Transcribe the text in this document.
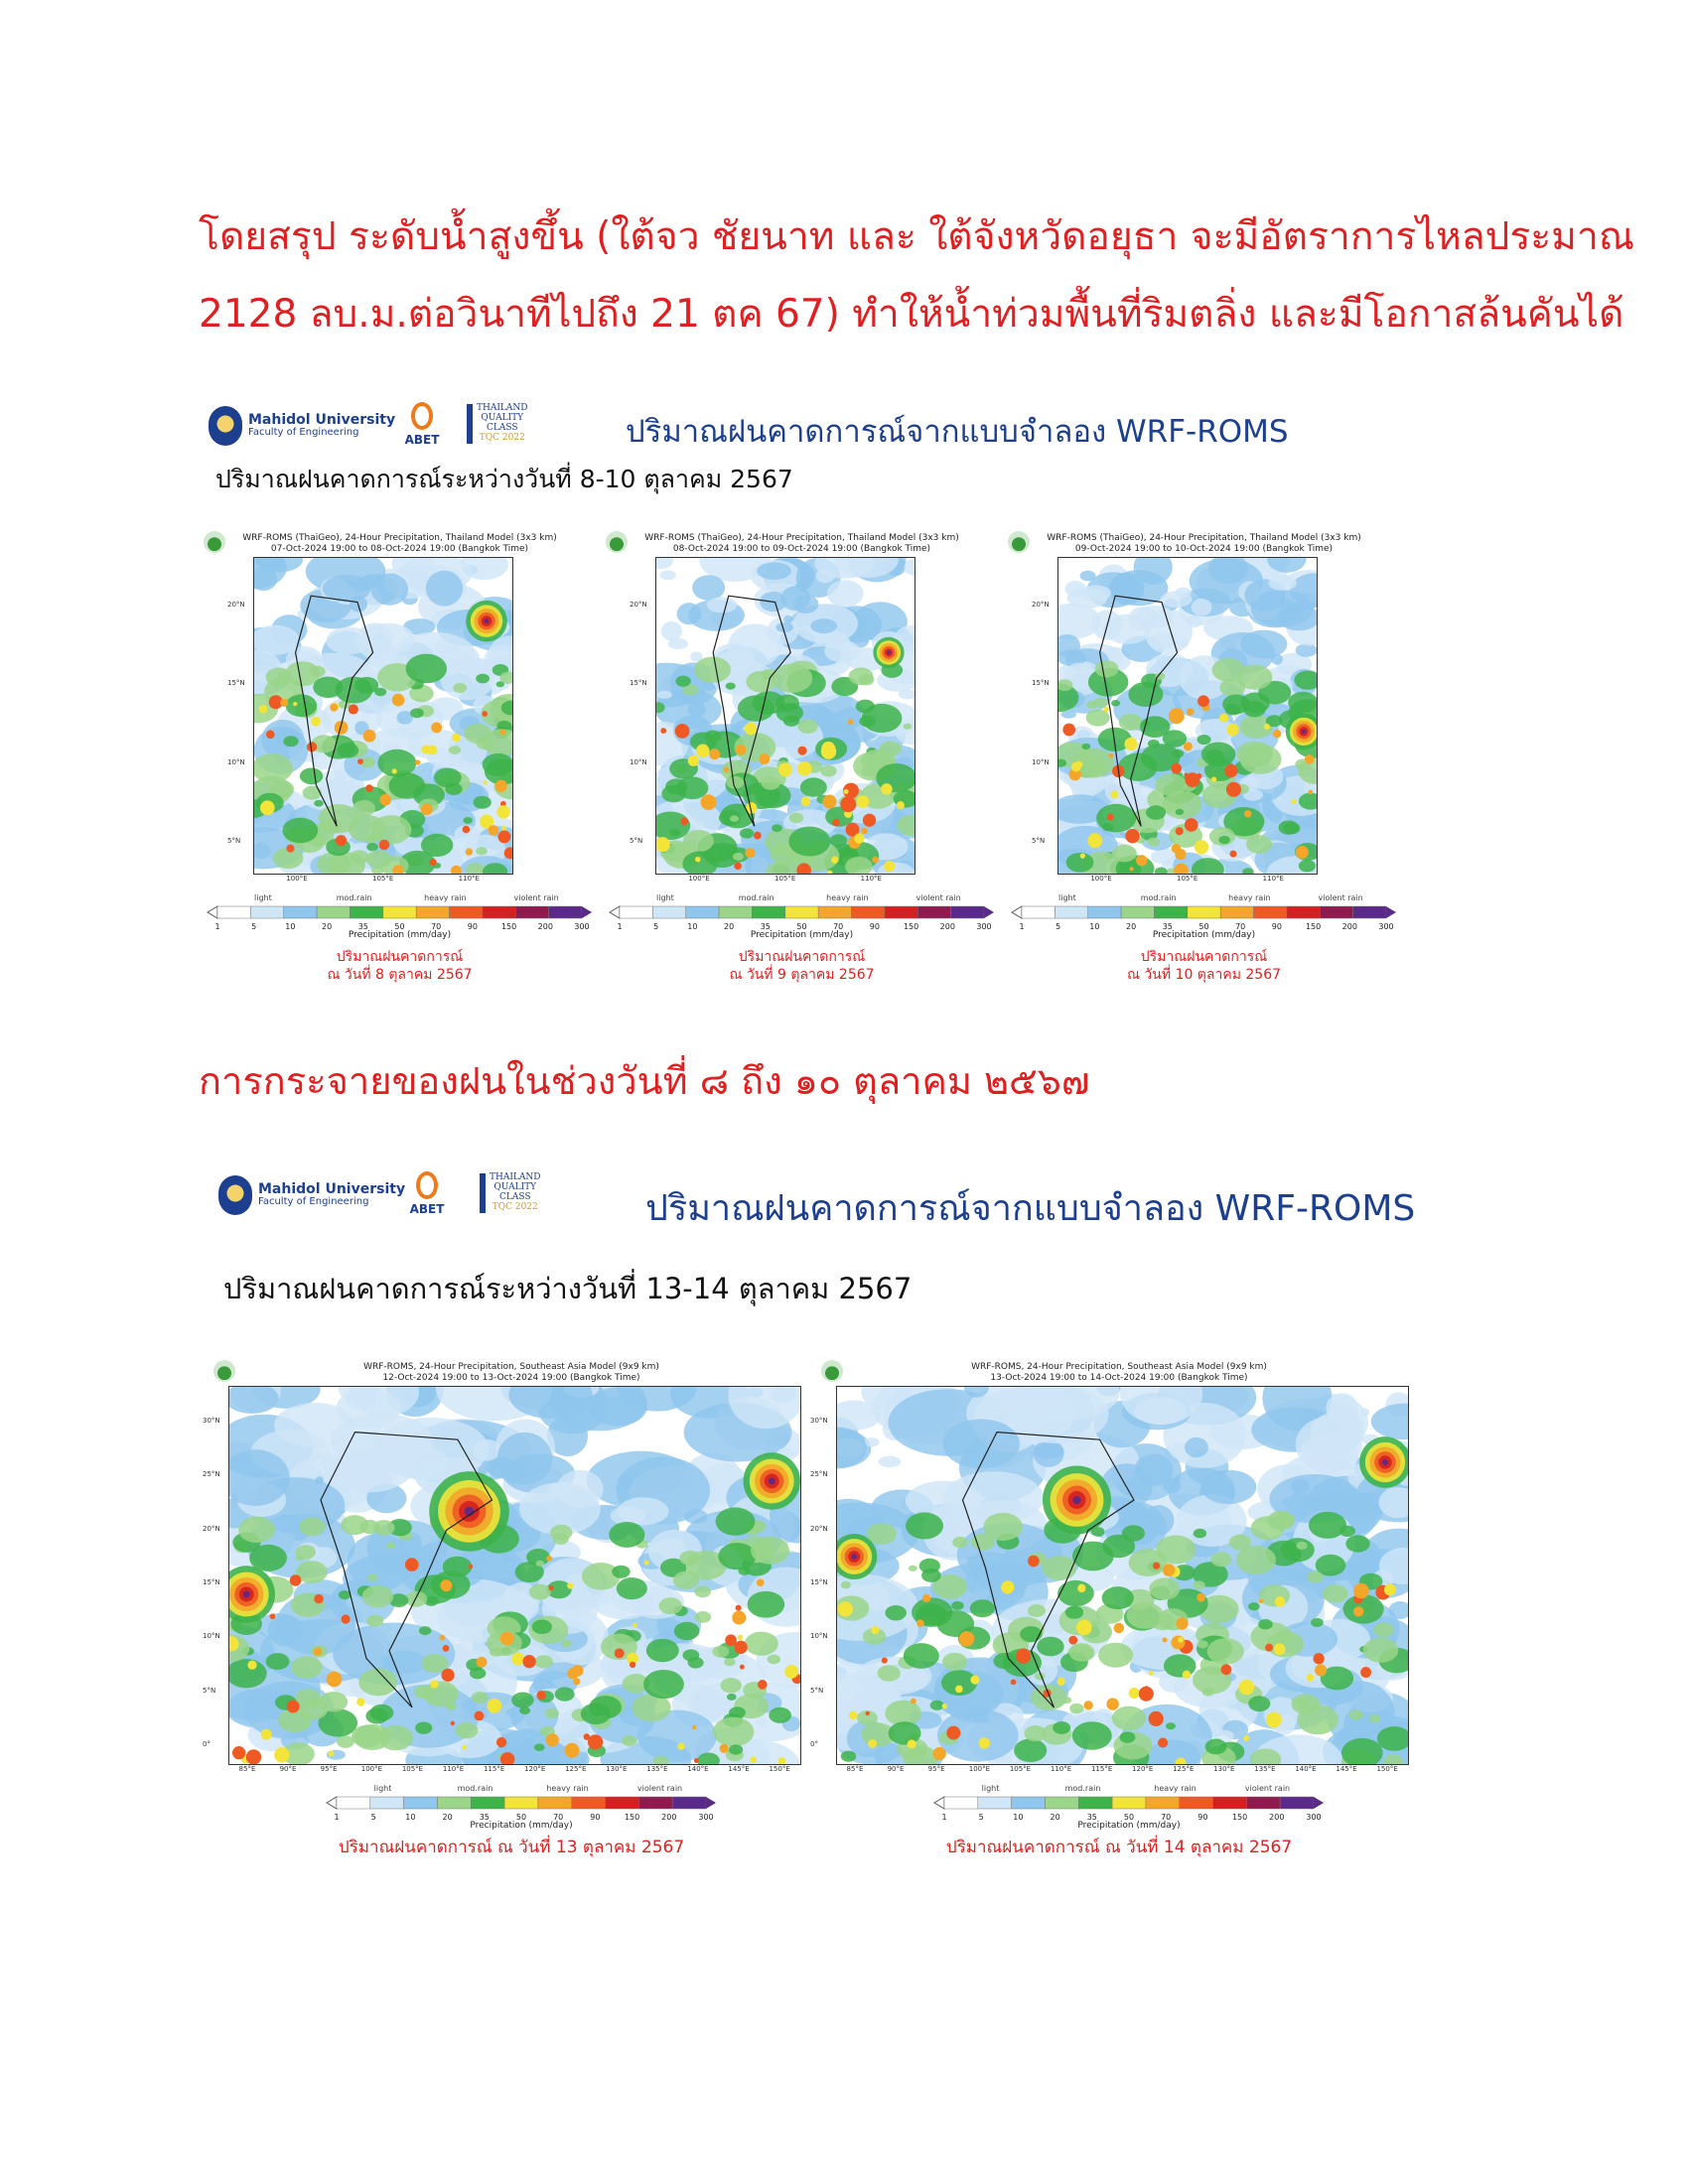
โดยสรุป ระดับน้ำสูงขึ้น (ใต้จว ชัยนาท และ ใต้จังหวัดอยุธา จะมีอัตราการไหลประมาณ

2128 ลบ.ม.ต่อวินาทีไปถึง 21 ตค 67) ทำให้น้ำท่วมพื้นที่ริมตลิ่ง และมีโอกาสล้นคันได้

Mahidol University
Faculty of Engineering
ABET
THAILAND
QUALITY
CLASS
TQC 2022	ปริมาณฝนคาดการณ์จากแบบจำลอง WRF-ROMS
ปริมาณฝนคาดการณ์ระหว่างวันที่ 8-10 ตุลาคม 2567
WRF-ROMS (ThaiGeo), 24-Hour Precipitation, Thailand Model (3x3 km)
07-Oct-2024 19:00 to 08-Oct-2024 19:00 (Bangkok Time)
20°N
15°N
10°N
5°N
100°E	105°E	110°E
light	mod.rain	heavy rain	violent rain
1	5	10	20	35	50	70	90	150	200	300
Precipitation (mm/day)
ปริมาณฝนคาดการณ์
ณ วันที่ 8 ตุลาคม 2567
WRF-ROMS (ThaiGeo), 24-Hour Precipitation, Thailand Model (3x3 km)
08-Oct-2024 19:00 to 09-Oct-2024 19:00 (Bangkok Time)
20°N
15°N
10°N
5°N
100°E	105°E	110°E
light	mod.rain	heavy rain	violent rain
1	5	10	20	35	50	70	90	150	200	300
Precipitation (mm/day)
ปริมาณฝนคาดการณ์
ณ วันที่ 9 ตุลาคม 2567
WRF-ROMS (ThaiGeo), 24-Hour Precipitation, Thailand Model (3x3 km)
09-Oct-2024 19:00 to 10-Oct-2024 19:00 (Bangkok Time)
20°N
15°N
10°N
5°N
100°E	105°E	110°E
light	mod.rain	heavy rain	violent rain
1	5	10	20	35	50	70	90	150	200	300
Precipitation (mm/day)
ปริมาณฝนคาดการณ์
ณ วันที่ 10 ตุลาคม 2567
การกระจายของฝนในช่วงวันที่ ๘ ถึง ๑๐ ตุลาคม ๒๕๖๗
Mahidol University
Faculty of Engineering
ABET
THAILAND
QUALITY
CLASS
TQC 2022	ปริมาณฝนคาดการณ์จากแบบจำลอง WRF-ROMS
ปริมาณฝนคาดการณ์ระหว่างวันที่ 13-14 ตุลาคม 2567
WRF-ROMS, 24-Hour Precipitation, Southeast Asia Model (9x9 km)
12-Oct-2024 19:00 to 13-Oct-2024 19:00 (Bangkok Time)
30°N
25°N
20°N
15°N
10°N
5°N
0°
85°E	90°E	95°E	100°E	105°E	110°E	115°E	120°E	125°E	130°E	135°E	140°E	145°E	150°E
light	mod.rain	heavy rain	violent rain
1	5	10	20	35	50	70	90	150	200	300
Precipitation (mm/day)
ปริมาณฝนคาดการณ์ ณ วันที่ 13 ตุลาคม 2567
WRF-ROMS, 24-Hour Precipitation, Southeast Asia Model (9x9 km)
13-Oct-2024 19:00 to 14-Oct-2024 19:00 (Bangkok Time)
30°N
25°N
20°N
15°N
10°N
5°N
0°
85°E	90°E	95°E	100°E	105°E	110°E	115°E	120°E	125°E	130°E	135°E	140°E	145°E	150°E
light	mod.rain	heavy rain	violent rain
1	5	10	20	35	50	70	90	150	200	300
Precipitation (mm/day)
ปริมาณฝนคาดการณ์ ณ วันที่ 14 ตุลาคม 2567
